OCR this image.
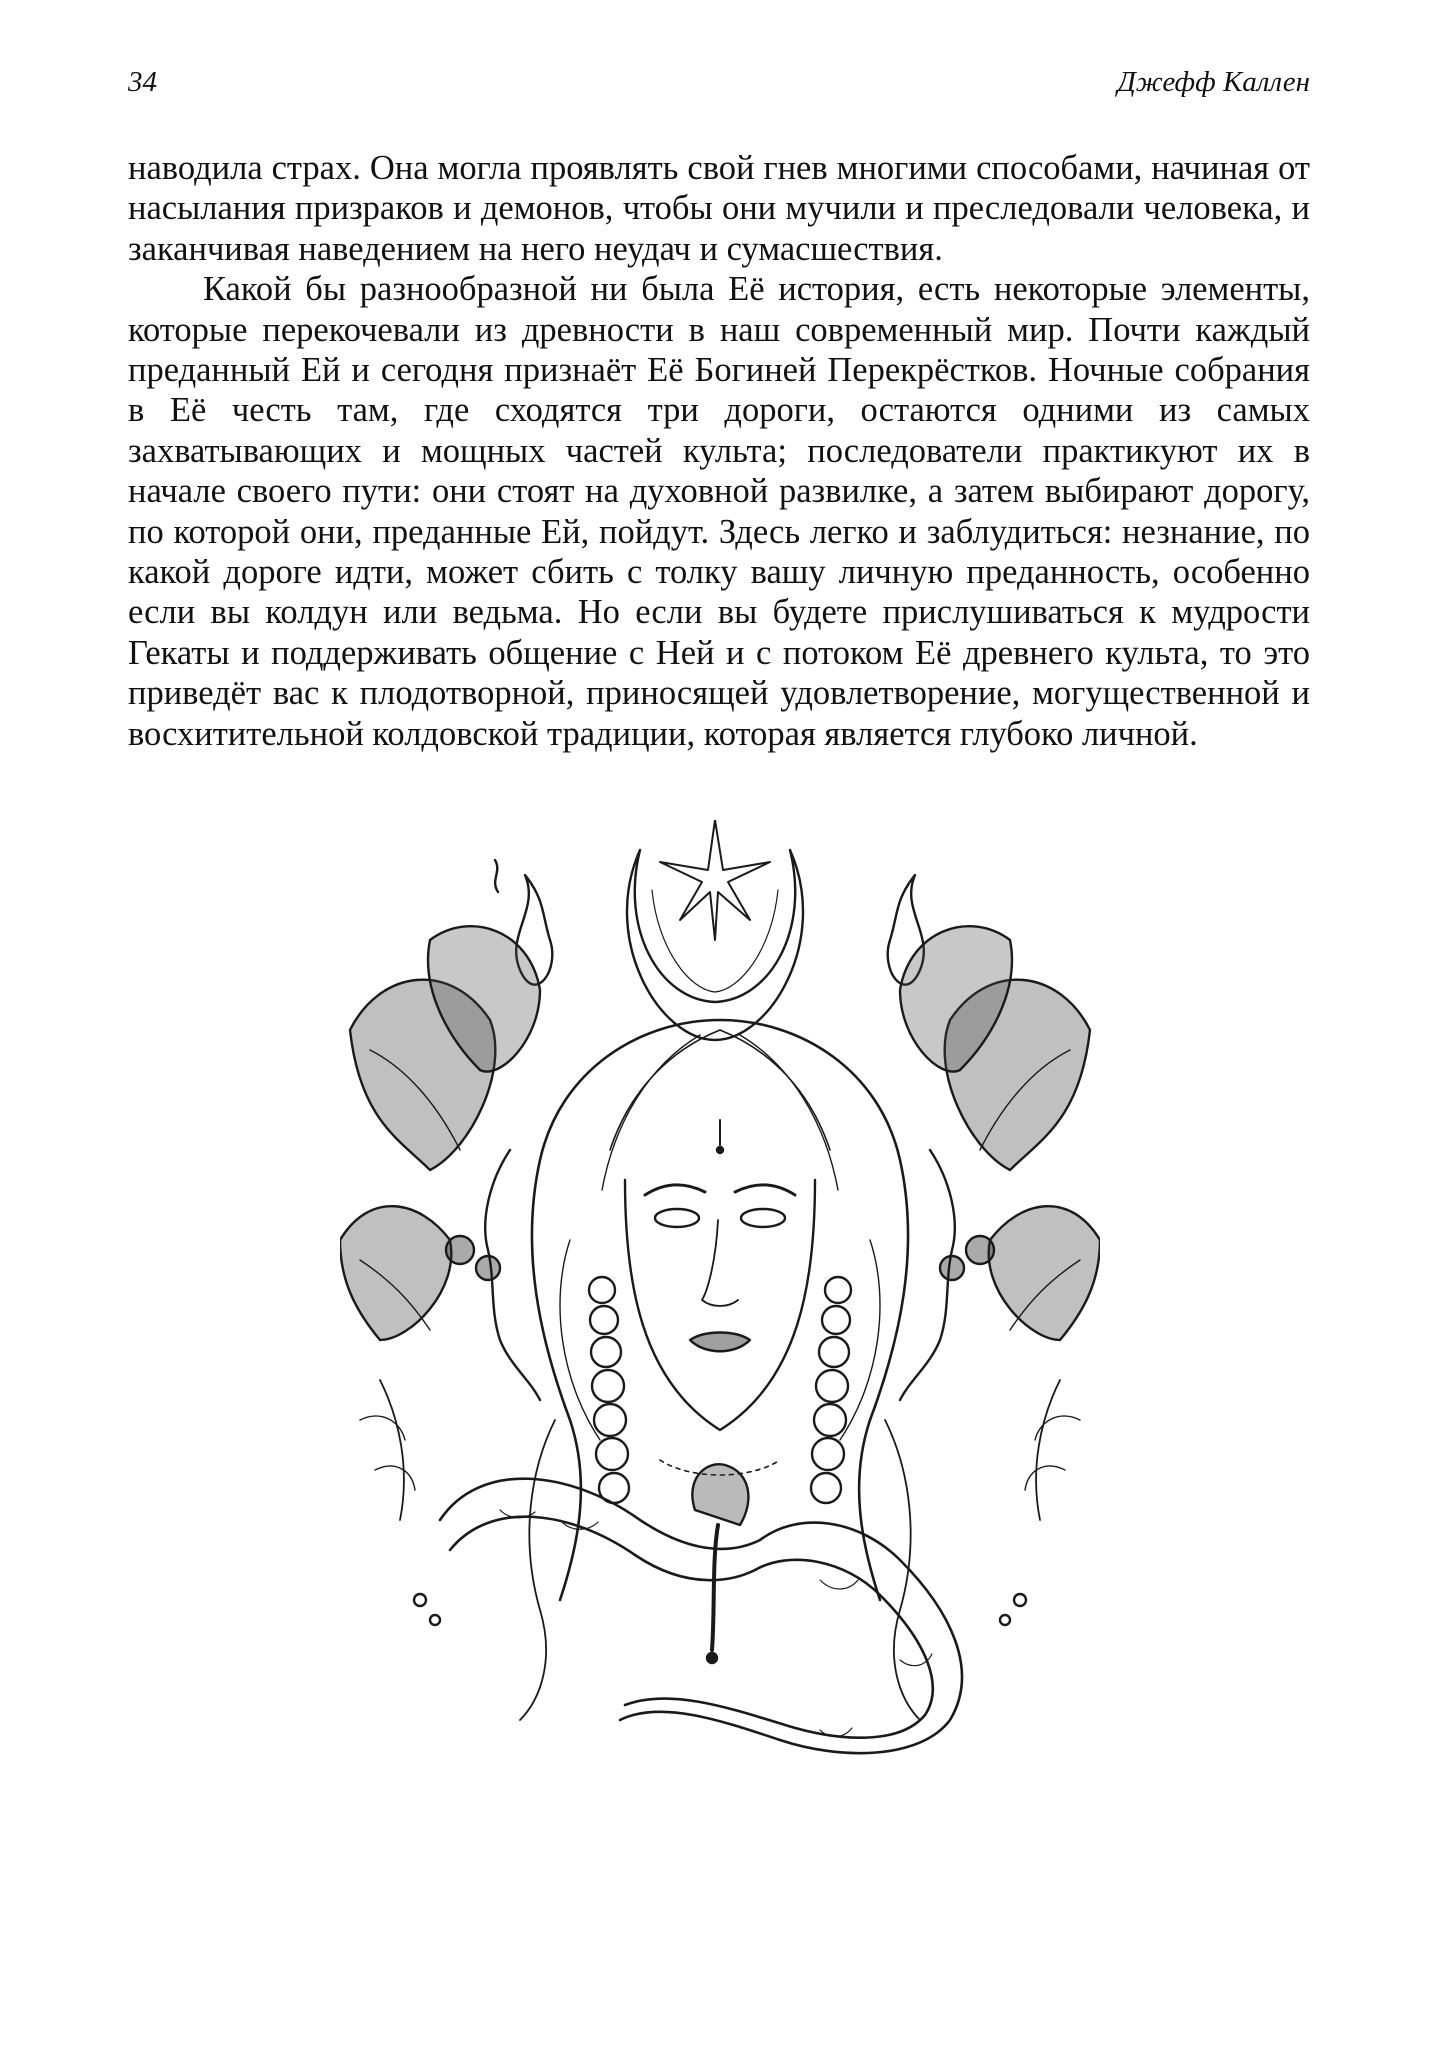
34	Джефф Каллен

наводила страх. Она могла проявлять свой гнев многими способами, начиная от насылания призраков и демонов, чтобы они мучили и преследовали человека, и заканчивая наведением на него неудач и сумасшествия.

Какой бы разнообразной ни была Её история, есть некоторые элементы, которые перекочевали из древности в наш современный мир. Почти каждый преданный Ей и сегодня признаёт Её Богиней Перекрёстков. Ночные собрания в Её честь там, где сходятся три дороги, остаются одними из самых захватывающих и мощных частей культа; последователи практикуют их в начале своего пути: они стоят на духовной развилке, а затем выбирают дорогу, по которой они, преданные Ей, пойдут. Здесь легко и заблудиться: незнание, по какой дороге идти, может сбить с толку вашу личную преданность, особенно если вы колдун или ведьма. Но если вы будете прислушиваться к мудрости Гекаты и поддерживать общение с Ней и с потоком Её древнего культа, то это приведёт вас к плодотворной, приносящей удовлетворение, могущественной и восхитительной колдовской традиции, которая является глубоко личной.
